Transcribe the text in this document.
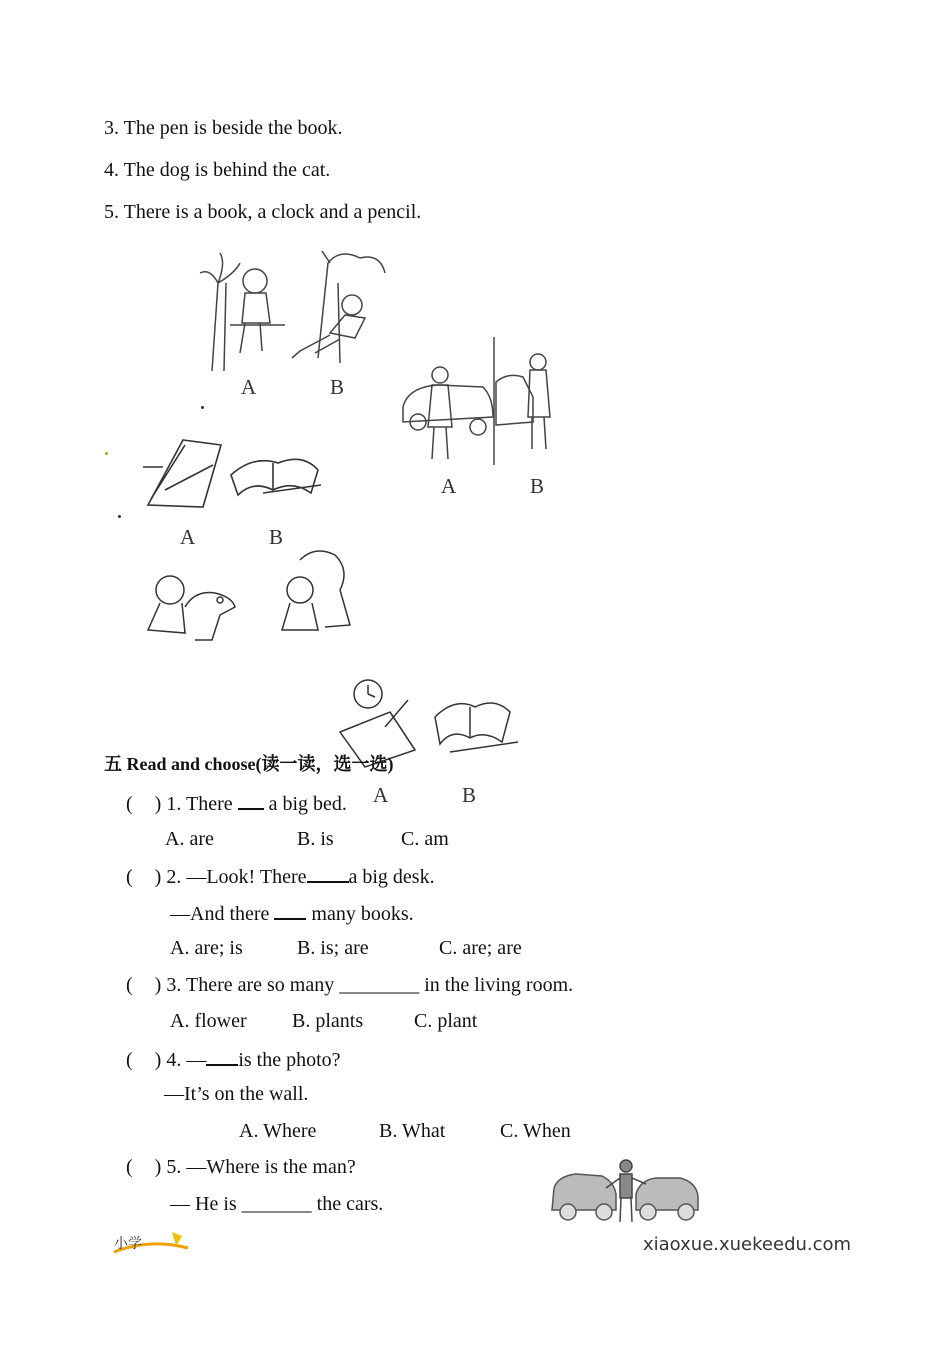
3. The pen is beside the book.
4. The dog is behind the cat.
5. There is a book, a clock and a pencil.
A	B
A	B
A	B
A	B
五 Read and choose(读一读，选一选)
( ) 1. There a big bed.
A. are	B. is	C. am
( ) 2. —Look! There a big desk.
—And there many books.
A. are; is	B. is; are	C. are; are
( ) 3. There are so many ________ in the living room.
A. flower B. plants	C. plant
( ) 4. — is the photo?
—It’s on the wall.
A. Where	B. What	C. When
( ) 5. —Where is the man?
— He is _______ the cars.
小学	xiaoxue.xuekeedu.com
